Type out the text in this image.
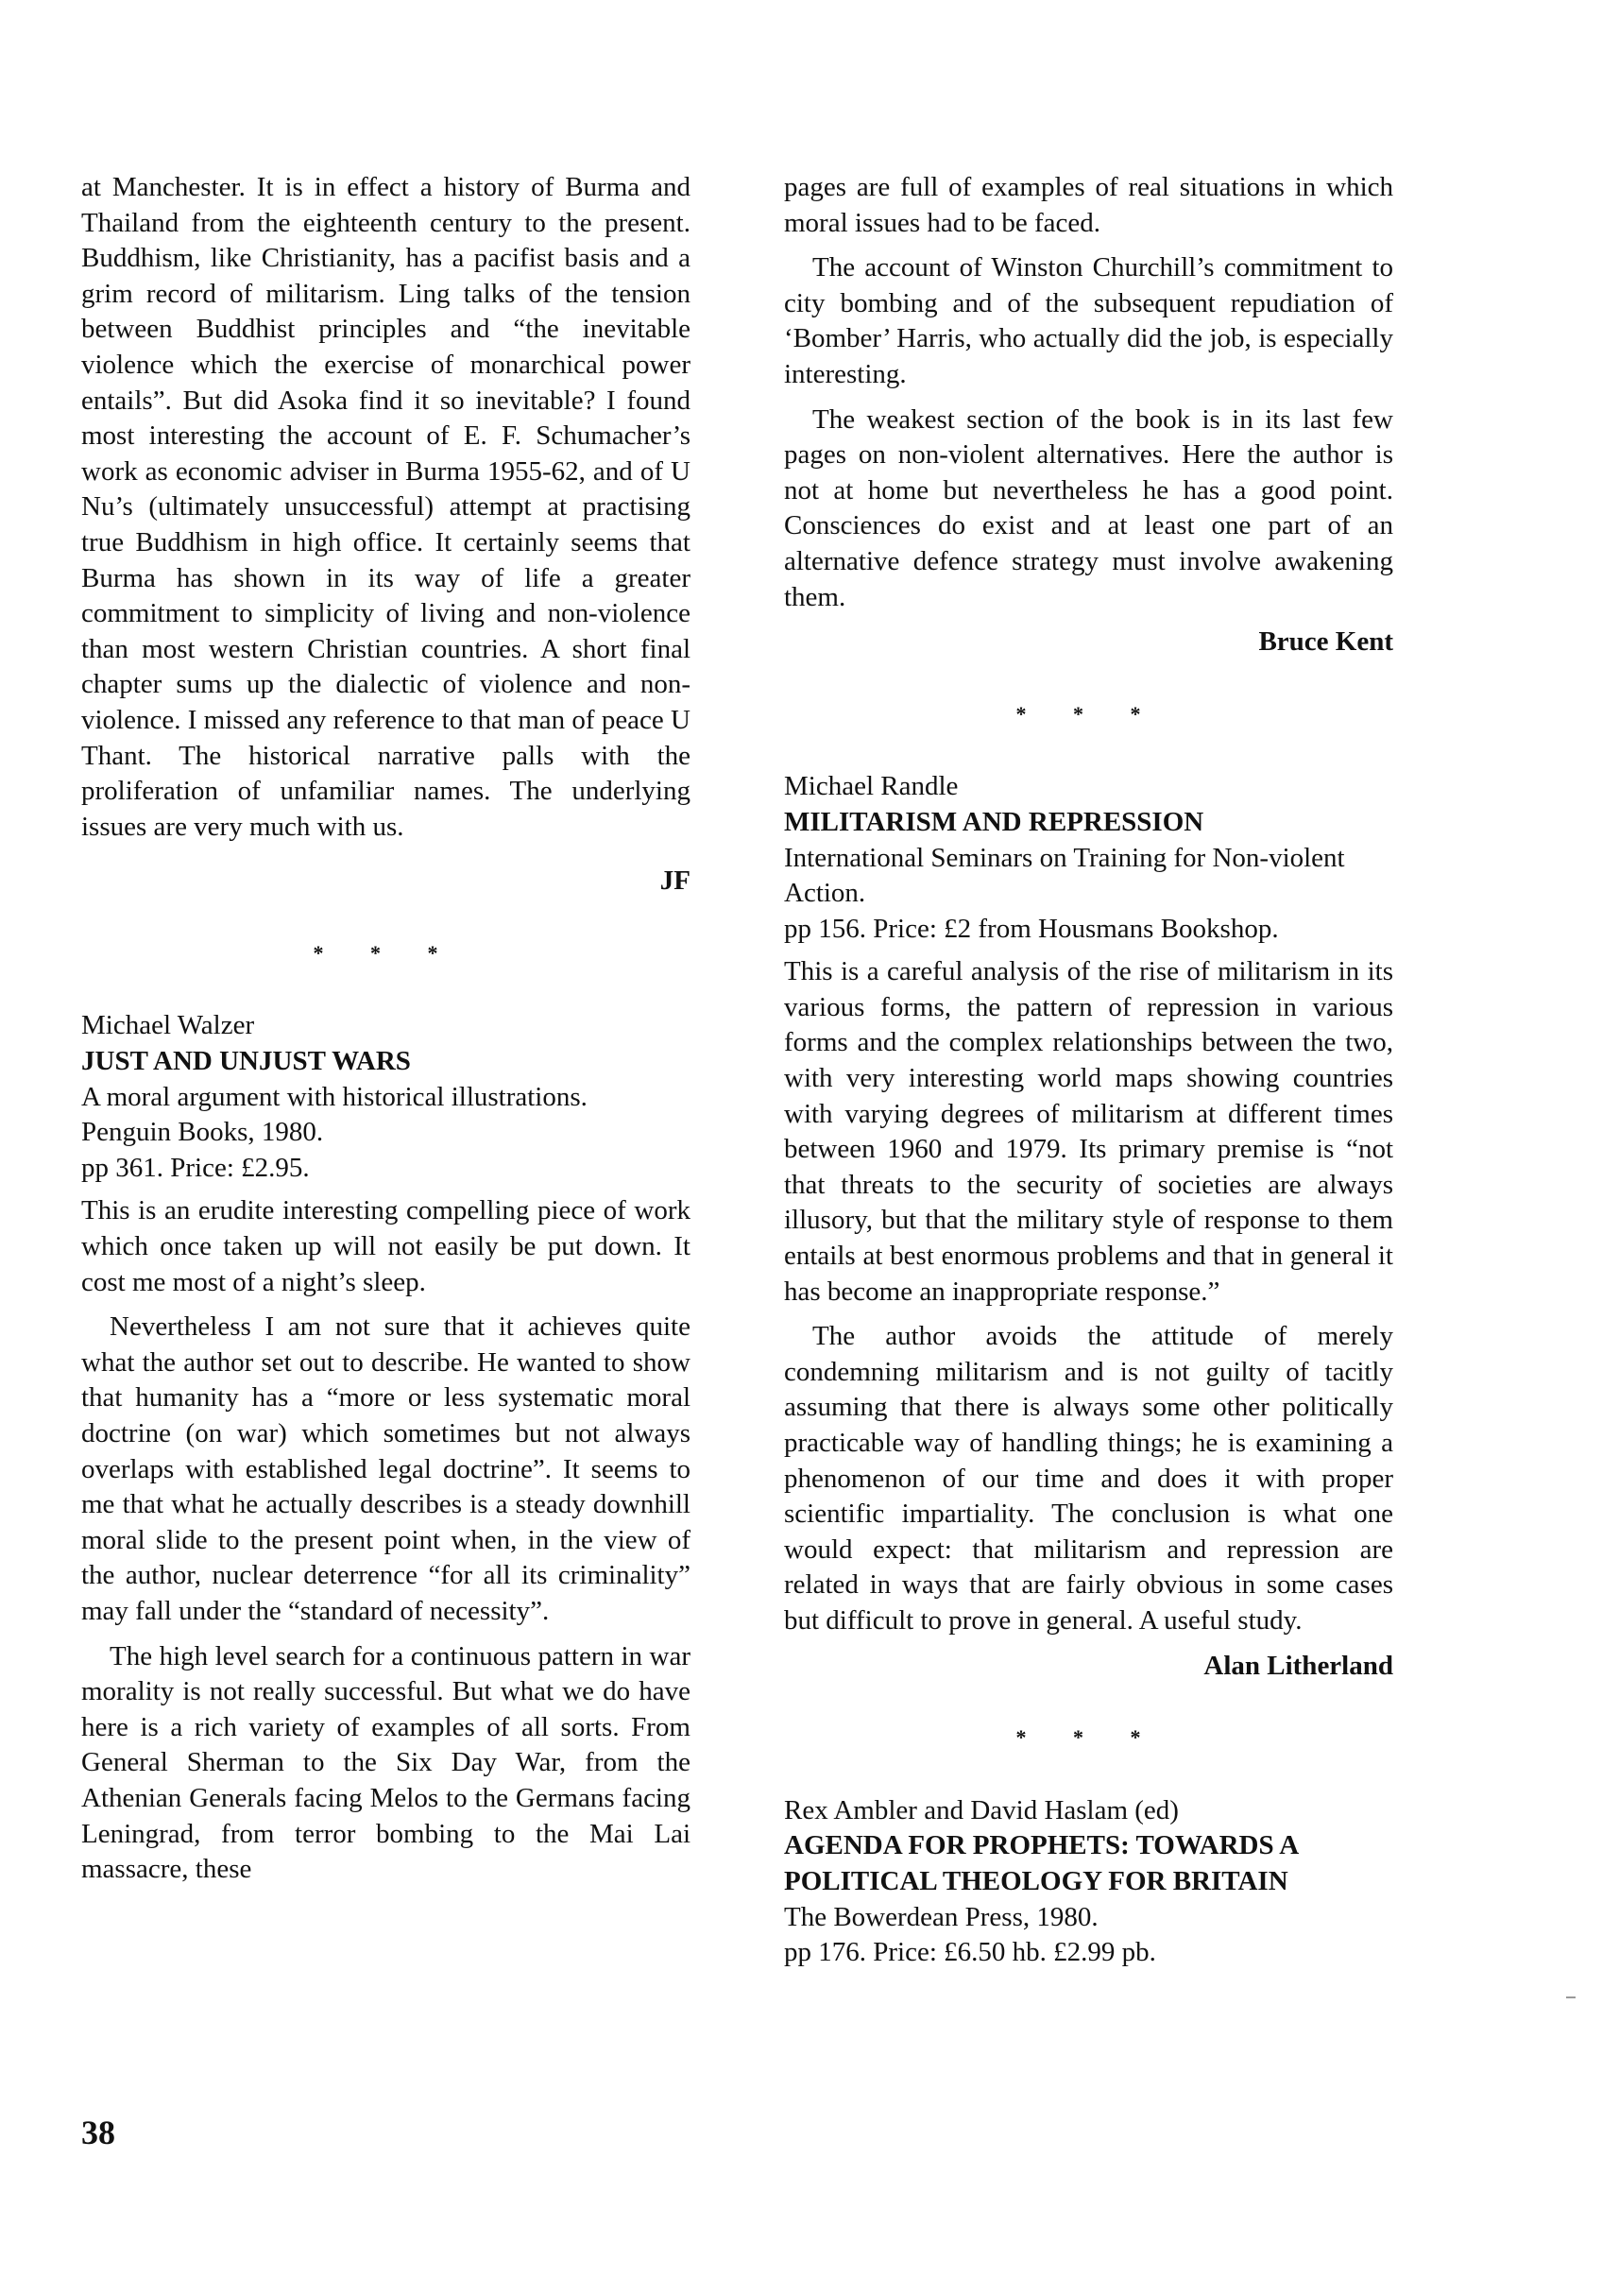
at Manchester. It is in effect a history of Burma and Thailand from the eighteenth century to the present. Buddhism, like Christianity, has a pacifist basis and a grim record of militarism. Ling talks of the tension between Buddhist principles and “the inevitable violence which the exercise of monarchical power entails”. But did Asoka find it so inevitable? I found most interesting the account of E. F. Schumacher’s work as economic adviser in Burma 1955-62, and of U Nu’s (ultimately unsuccessful) attempt at practising true Buddhism in high office. It certainly seems that Burma has shown in its way of life a greater commitment to simplicity of living and non-violence than most western Christian countries. A short final chapter sums up the dialectic of violence and non-violence. I missed any reference to that man of peace U Thant. The historical narrative palls with the proliferation of unfamiliar names. The underlying issues are very much with us.

JF

* * *
Michael Walzer
JUST AND UNJUST WARS
A moral argument with historical illustrations.
Penguin Books, 1980.
pp 361. Price: £2.95.

This is an erudite interesting compelling piece of work which once taken up will not easily be put down. It cost me most of a night’s sleep.

Nevertheless I am not sure that it achieves quite what the author set out to describe. He wanted to show that humanity has a “more or less systematic moral doctrine (on war) which sometimes but not always overlaps with established legal doctrine”. It seems to me that what he actually describes is a steady downhill moral slide to the present point when, in the view of the author, nuclear deterrence “for all its criminality” may fall under the “standard of necessity”.

The high level search for a continuous pattern in war morality is not really successful. But what we do have here is a rich variety of examples of all sorts. From General Sherman to the Six Day War, from the Athenian Generals facing Melos to the Germans facing Leningrad, from terror bombing to the Mai Lai massacre, these

pages are full of examples of real situations in which moral issues had to be faced.

The account of Winston Churchill’s commitment to city bombing and of the subsequent repudiation of ‘Bomber’ Harris, who actually did the job, is especially interesting.

The weakest section of the book is in its last few pages on non-violent alternatives. Here the author is not at home but nevertheless he has a good point. Consciences do exist and at least one part of an alternative defence strategy must involve awakening them.

Bruce Kent

* * *
Michael Randle
MILITARISM AND REPRESSION
International Seminars on Training for Non-violent Action.
pp 156. Price: £2 from Housmans Bookshop.

This is a careful analysis of the rise of militarism in its various forms, the pattern of repression in various forms and the complex relationships between the two, with very interesting world maps showing countries with varying degrees of militarism at different times between 1960 and 1979. Its primary premise is “not that threats to the security of societies are always illusory, but that the military style of response to them entails at best enormous problems and that in general it has become an inappropriate response.”

The author avoids the attitude of merely condemning militarism and is not guilty of tacitly assuming that there is always some other politically practicable way of handling things; he is examining a phenomenon of our time and does it with proper scientific impartiality. The conclusion is what one would expect: that militarism and repression are related in ways that are fairly obvious in some cases but difficult to prove in general. A useful study.

Alan Litherland

* * *
Rex Ambler and David Haslam (ed)
AGENDA FOR PROPHETS: TOWARDS A POLITICAL THEOLOGY FOR BRITAIN
The Bowerdean Press, 1980.
pp 176. Price: £6.50 hb. £2.99 pb.
38
